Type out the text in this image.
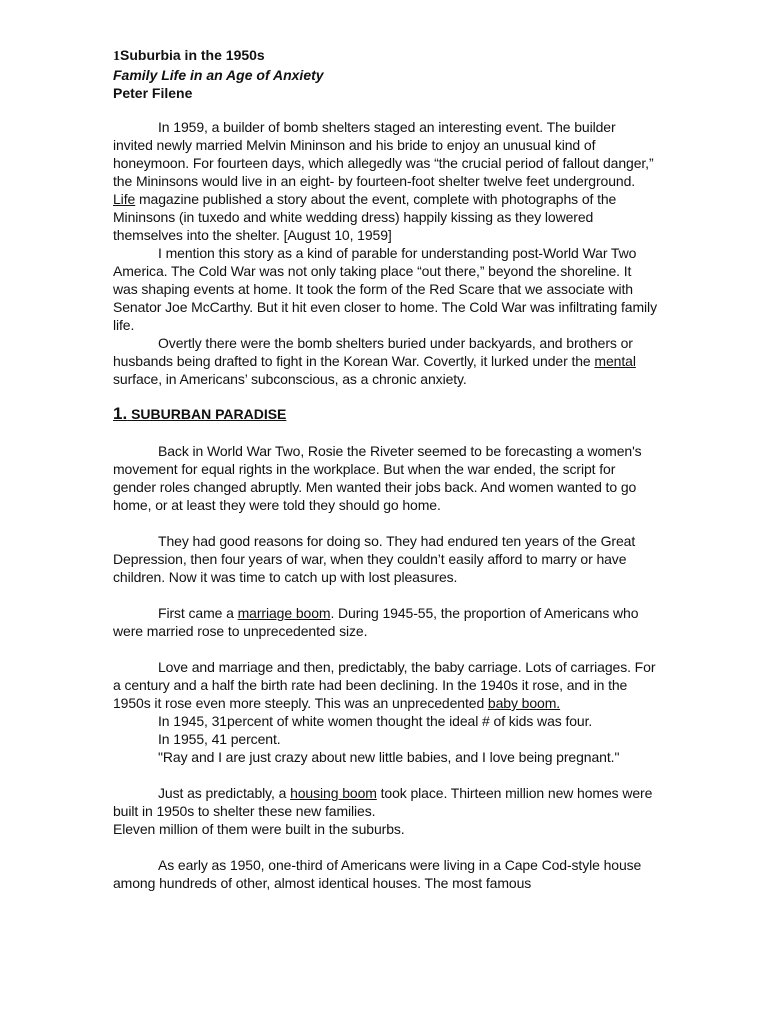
1Suburbia in the 1950s
Family Life in an Age of Anxiety
Peter Filene

In 1959, a builder of bomb shelters staged an interesting event. The builder invited newly married Melvin Mininson and his bride to enjoy an unusual kind of honeymoon. For fourteen days, which allegedly was “the crucial period of fallout danger,” the Mininsons would live in an eight- by fourteen-foot shelter twelve feet underground. Life magazine published a story about the event, complete with photographs of the Mininsons (in tuxedo and white wedding dress) happily kissing as they lowered themselves into the shelter. [August 10, 1959]

I mention this story as a kind of parable for understanding post-World War Two America. The Cold War was not only taking place “out there,” beyond the shoreline. It was shaping events at home. It took the form of the Red Scare that we associate with Senator Joe McCarthy. But it hit even closer to home. The Cold War was infiltrating family life.

Overtly there were the bomb shelters buried under backyards, and brothers or husbands being drafted to fight in the Korean War. Covertly, it lurked under the mental surface, in Americans’ subconscious, as a chronic anxiety.

1. SUBURBAN PARADISE

Back in World War Two, Rosie the Riveter seemed to be forecasting a women's movement for equal rights in the workplace. But when the war ended, the script for gender roles changed abruptly. Men wanted their jobs back. And women wanted to go home, or at least they were told they should go home.

They had good reasons for doing so. They had endured ten years of the Great Depression, then four years of war, when they couldn’t easily afford to marry or have children. Now it was time to catch up with lost pleasures.

First came a marriage boom. During 1945-55, the proportion of Americans who were married rose to unprecedented size.

Love and marriage and then, predictably, the baby carriage. Lots of carriages. For a century and a half the birth rate had been declining. In the 1940s it rose, and in the 1950s it rose even more steeply. This was an unprecedented baby boom.

In 1945, 31percent of white women thought the ideal # of kids was four.

In 1955, 41 percent.

"Ray and I are just crazy about new little babies, and I love being pregnant."

Just as predictably, a housing boom took place. Thirteen million new homes were built in 1950s to shelter these new families.

Eleven million of them were built in the suburbs.

As early as 1950, one-third of Americans were living in a Cape Cod-style house among hundreds of other, almost identical houses. The most famous
